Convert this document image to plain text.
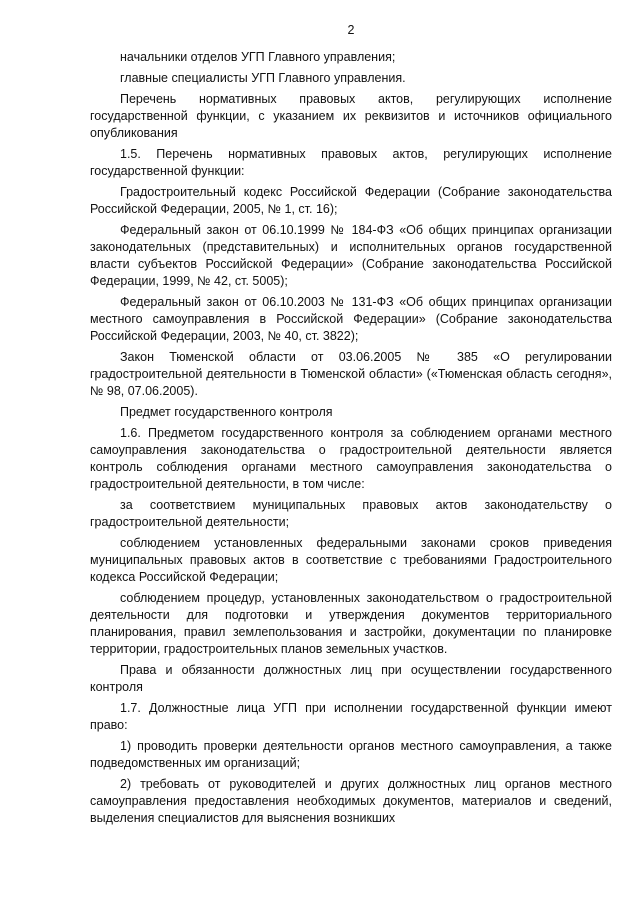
2

начальники отделов УГП Главного управления;

главные специалисты УГП Главного управления.

Перечень нормативных правовых актов, регулирующих исполнение государственной функции, с указанием их реквизитов и источников официального опубликования

1.5. Перечень нормативных правовых актов, регулирующих исполнение государственной функции:

Градостроительный кодекс Российской Федерации (Собрание законодательства Российской Федерации, 2005, № 1, ст. 16);

Федеральный закон от 06.10.1999 № 184-ФЗ «Об общих принципах организации законодательных (представительных) и исполнительных органов государственной власти субъектов Российской Федерации» (Собрание законодательства Российской Федерации, 1999, № 42, ст. 5005);

Федеральный закон от 06.10.2003 № 131-ФЗ «Об общих принципах организации местного самоуправления в Российской Федерации» (Собрание законодательства Российской Федерации, 2003, № 40, ст. 3822);

Закон Тюменской области от 03.06.2005 № 385 «О регулировании градостроительной деятельности в Тюменской области» («Тюменская область сегодня», № 98, 07.06.2005).

Предмет государственного контроля

1.6. Предметом государственного контроля за соблюдением органами местного самоуправления законодательства о градостроительной деятельности является контроль соблюдения органами местного самоуправления законодательства о градостроительной деятельности, в том числе:

за соответствием муниципальных правовых актов законодательству о градостроительной деятельности;

соблюдением установленных федеральными законами сроков приведения муниципальных правовых актов в соответствие с требованиями Градостроительного кодекса Российской Федерации;

соблюдением процедур, установленных законодательством о градостроительной деятельности для подготовки и утверждения документов территориального планирования, правил землепользования и застройки, документации по планировке территории, градостроительных планов земельных участков.

Права и обязанности должностных лиц при осуществлении государственного контроля

1.7. Должностные лица УГП при исполнении государственной функции имеют право:

1) проводить проверки деятельности органов местного самоуправления, а также подведомственных им организаций;

2) требовать от руководителей и других должностных лиц органов местного самоуправления предоставления необходимых документов, материалов и сведений, выделения специалистов для выяснения возникших
